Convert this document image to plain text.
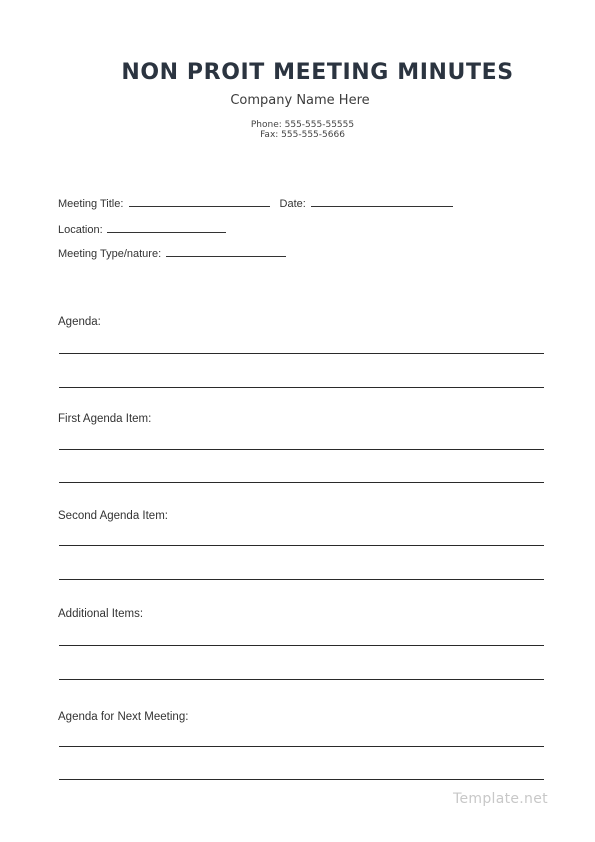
NON PROIT MEETING MINUTES
Company Name Here
Phone: 555-555-55555
Fax: 555-555-5666
Meeting Title:	Date:
Location:
Meeting Type/nature:
Agenda:
First Agenda Item:
Second Agenda Item:
Additional Items:
Agenda for Next Meeting:
Template.net
